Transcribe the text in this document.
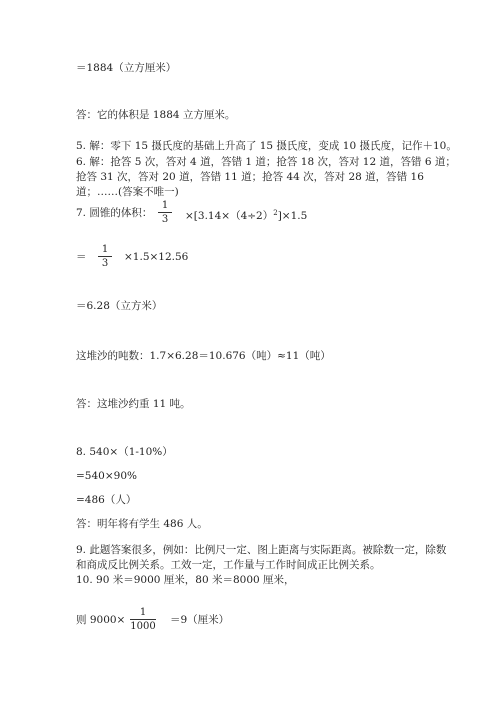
＝1884（立方厘米）
答：它的体积是 1884 立方厘米。
5. 解：零下 15 摄氏度的基础上升高了 15 摄氏度，变成 10 摄氏度，记作＋10。
6. 解：抢答 5 次，答对 4 道，答错 1 道；抢答 18 次，答对 12 道，答错 6 道；
抢答 31 次，答对 20 道，答错 11 道；抢答 44 次，答对 28 道，答错 16
道；……(答案不唯一)
7. 圆锥的体积：
1
3	$\times[3.14\times(4\div 2)^2]\times 1.5$
＝
1
3
×1.5×12.56
＝6.28（立方米）
这堆沙的吨数：1.7×6.28＝10.676（吨）≈11（吨）
答：这堆沙约重 11 吨。
8. 540×（1-10%）
=540×90%
=486（人）
答：明年将有学生 486 人。
9. 此题答案很多，例如：比例尺一定、图上距离与实际距离。被除数一定，除数
和商成反比例关系。工效一定，工作量与工作时间成正比例关系。
10. 90 米＝9000 厘米，80 米＝8000 厘米，
则 9000×
1
1000
＝9（厘米）
